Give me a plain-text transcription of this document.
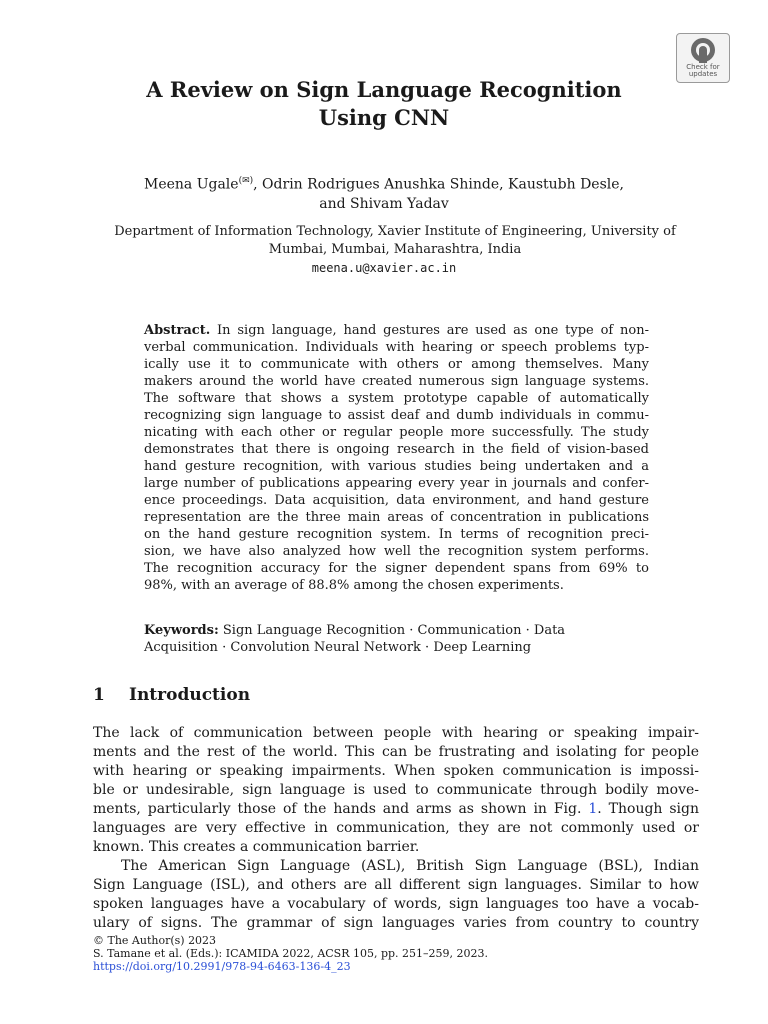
Check for
updates
A Review on Sign Language Recognition
Using CNN
Meena Ugale(✉), Odrin Rodrigues Anushka Shinde, Kaustubh Desle,
and Shivam Yadav
Department of Information Technology, Xavier Institute of Engineering, University of
Mumbai, Mumbai, Maharashtra, India
meena.u@xavier.ac.in
Abstract. In sign language, hand gestures are used as one type of non-
verbal communication. Individuals with hearing or speech problems typ-
ically use it to communicate with others or among themselves. Many
makers around the world have created numerous sign language systems.
The software that shows a system prototype capable of automatically
recognizing sign language to assist deaf and dumb individuals in commu-
nicating with each other or regular people more successfully. The study
demonstrates that there is ongoing research in the field of vision-based
hand gesture recognition, with various studies being undertaken and a
large number of publications appearing every year in journals and confer-
ence proceedings. Data acquisition, data environment, and hand gesture
representation are the three main areas of concentration in publications
on the hand gesture recognition system. In terms of recognition preci-
sion, we have also analyzed how well the recognition system performs.
The recognition accuracy for the signer dependent spans from 69% to
98%, with an average of 88.8% among the chosen experiments.
Keywords: Sign Language Recognition · Communication · Data
Acquisition · Convolution Neural Network · Deep Learning
1 Introduction
The lack of communication between people with hearing or speaking impair-
ments and the rest of the world. This can be frustrating and isolating for people
with hearing or speaking impairments. When spoken communication is impossi-
ble or undesirable, sign language is used to communicate through bodily move-
ments, particularly those of the hands and arms as shown in Fig. 1. Though sign
languages are very effective in communication, they are not commonly used or
known. This creates a communication barrier.
The American Sign Language (ASL), British Sign Language (BSL), Indian
Sign Language (ISL), and others are all different sign languages. Similar to how
spoken languages have a vocabulary of words, sign languages too have a vocab-
ulary of signs. The grammar of sign languages varies from country to country
© The Author(s) 2023
S. Tamane et al. (Eds.): ICAMIDA 2022, ACSR 105, pp. 251–259, 2023.
https://doi.org/10.2991/978-94-6463-136-4_23
